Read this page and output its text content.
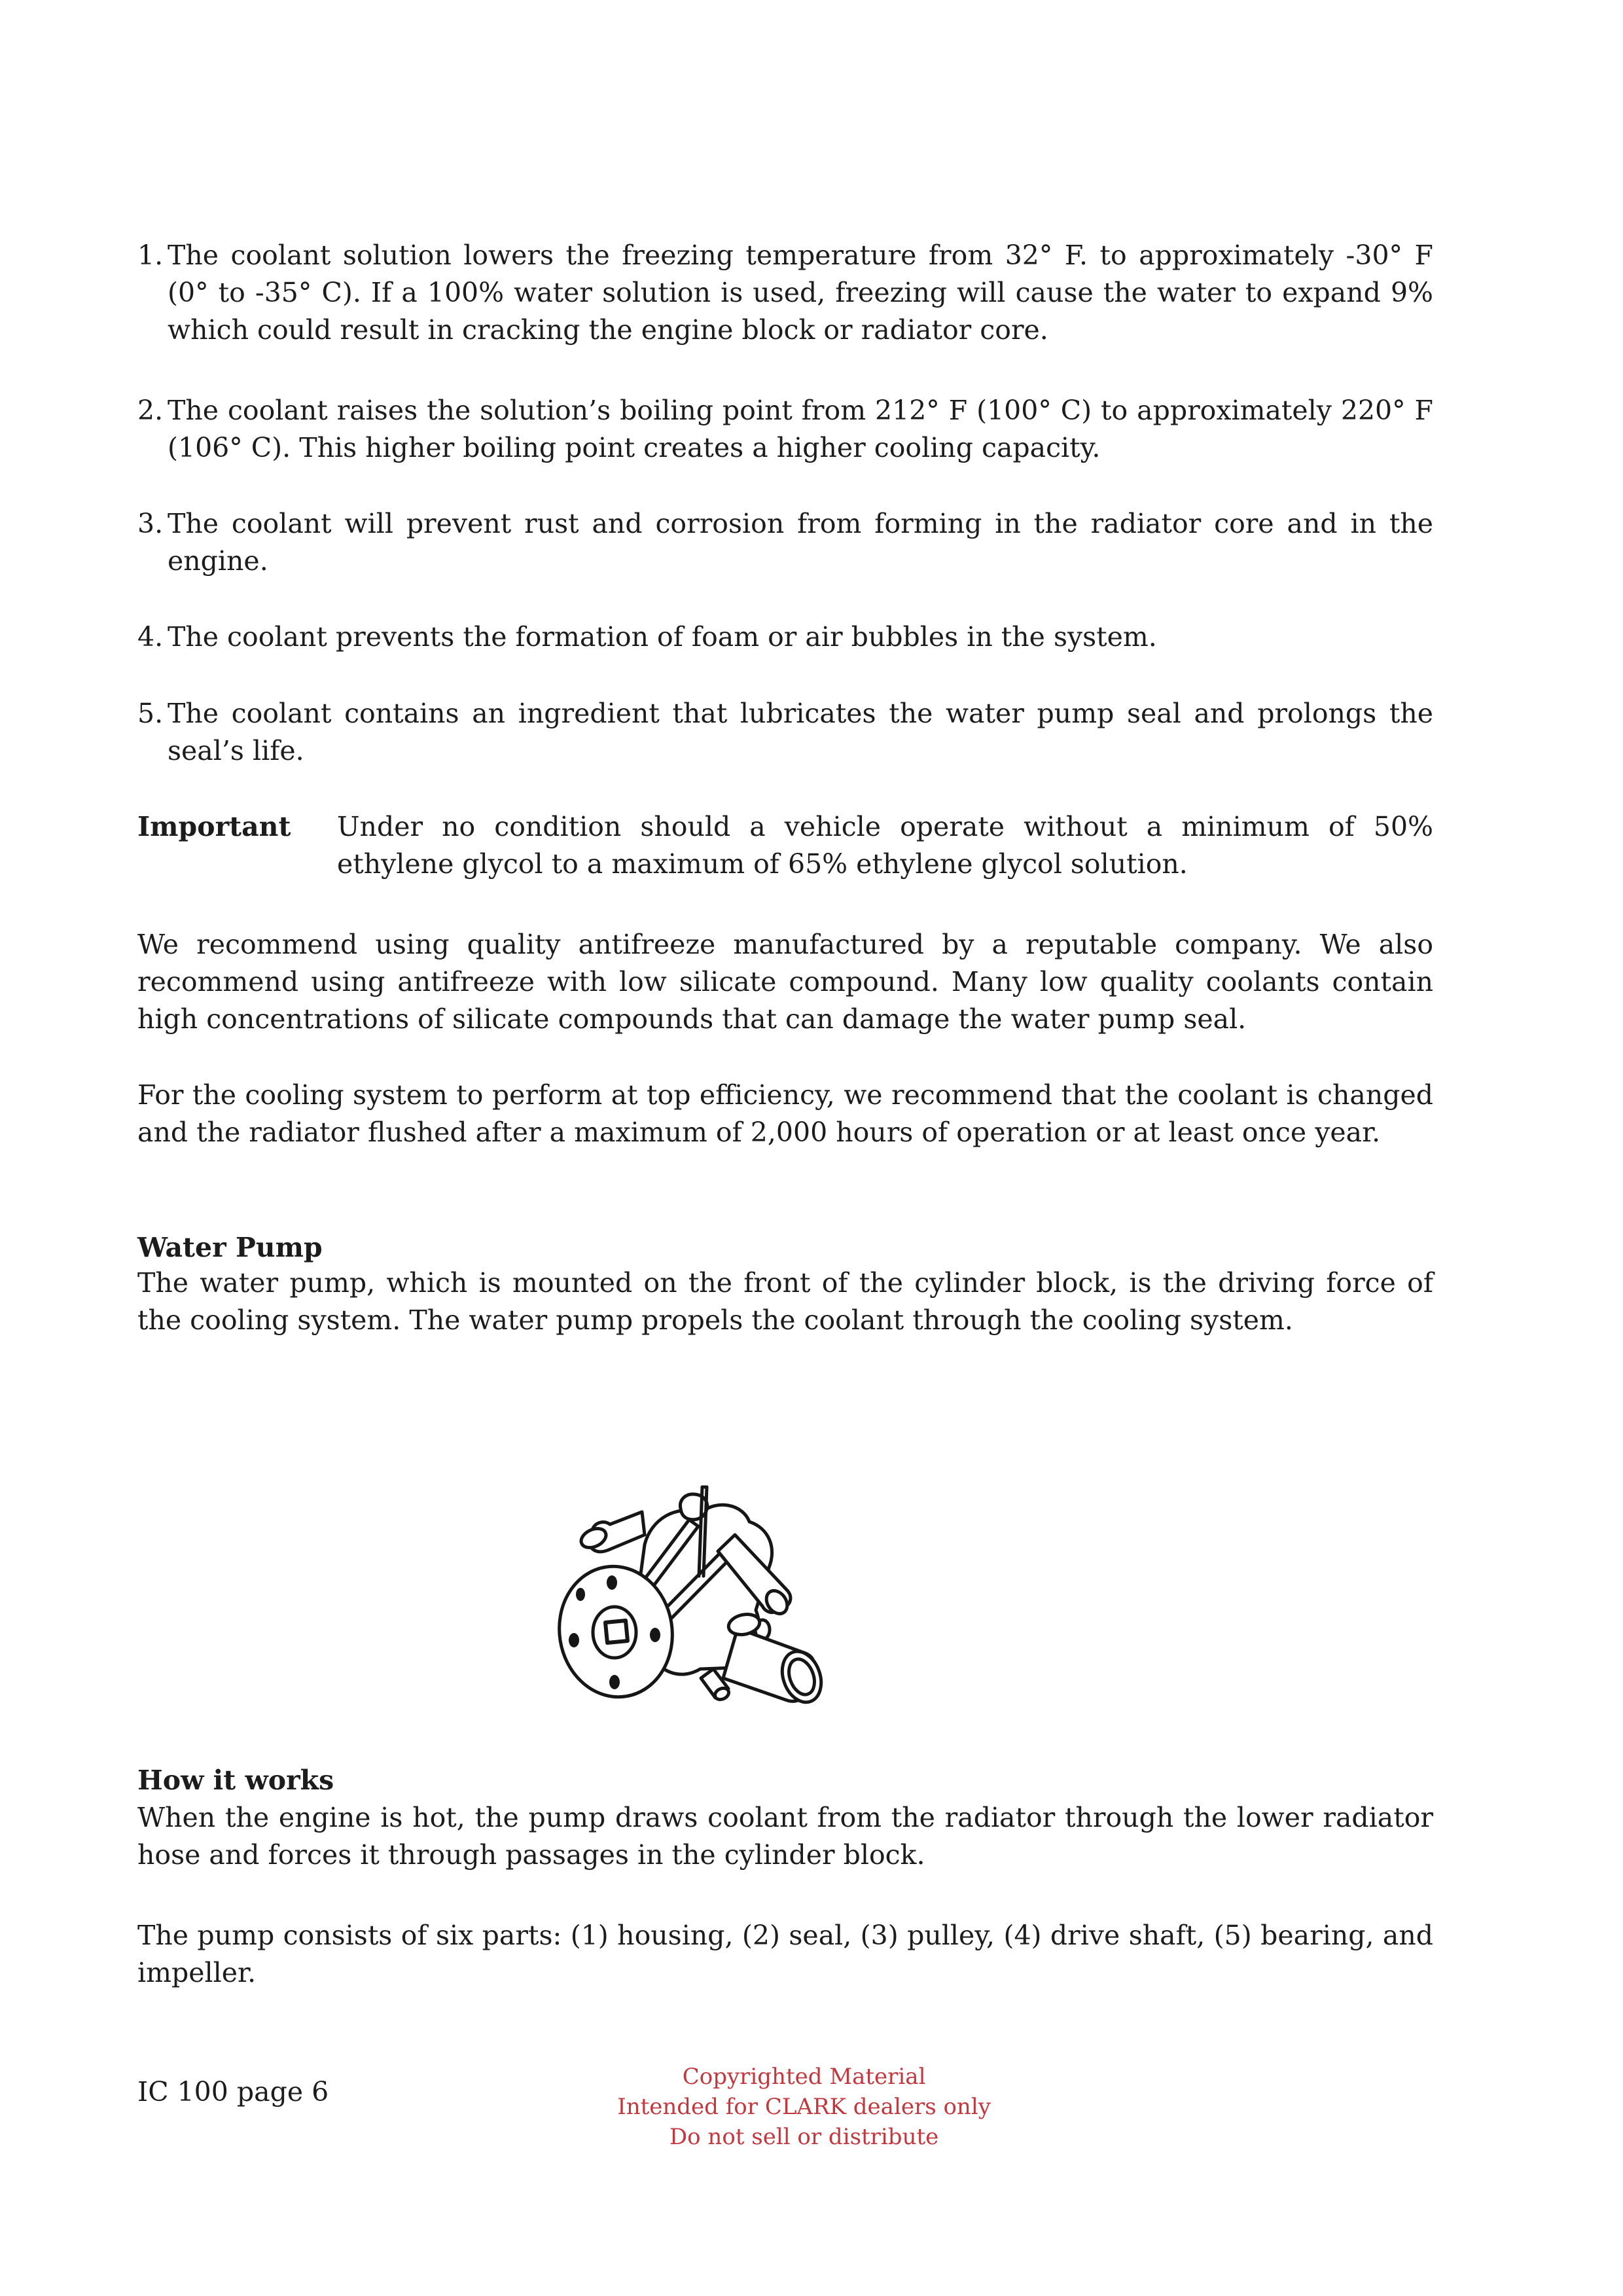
1. The coolant solution lowers the freezing temperature from 32° F. to approximately -30° F (0° to -35° C). If a 100% water solution is used, freezing will cause the water to expand 9% which could result in cracking the engine block or radiator core.
2. The coolant raises the solution’s boiling point from 212° F (100° C) to approximately 220° F (106° C). This higher boiling point creates a higher cooling capacity.
3. The coolant will prevent rust and corrosion from forming in the radiator core and in the engine.
4. The coolant prevents the formation of foam or air bubbles in the system.
5. The coolant contains an ingredient that lubricates the water pump seal and prolongs the seal’s life.
Important Under no condition should a vehicle operate without a minimum of 50% ethylene glycol to a maximum of 65% ethylene glycol solution.
We recommend using quality antifreeze manufactured by a reputable company. We also recommend using antifreeze with low silicate compound. Many low quality coolants contain high concentrations of silicate compounds that can damage the water pump seal.
For the cooling system to perform at top efficiency, we recommend that the coolant is changed and the radiator flushed after a maximum of 2,000 hours of operation or at least once year.
Water Pump
The water pump, which is mounted on the front of the cylinder block, is the driving force of the cooling system. The water pump propels the coolant through the cooling system.
How it works
When the engine is hot, the pump draws coolant from the radiator through the lower radiator hose and forces it through passages in the cylinder block.
The pump consists of six parts: (1) housing, (2) seal, (3) pulley, (4) drive shaft, (5) bearing, and impeller.
IC 100 page 6	Copyrighted Material
Intended for CLARK dealers only
Do not sell or distribute
